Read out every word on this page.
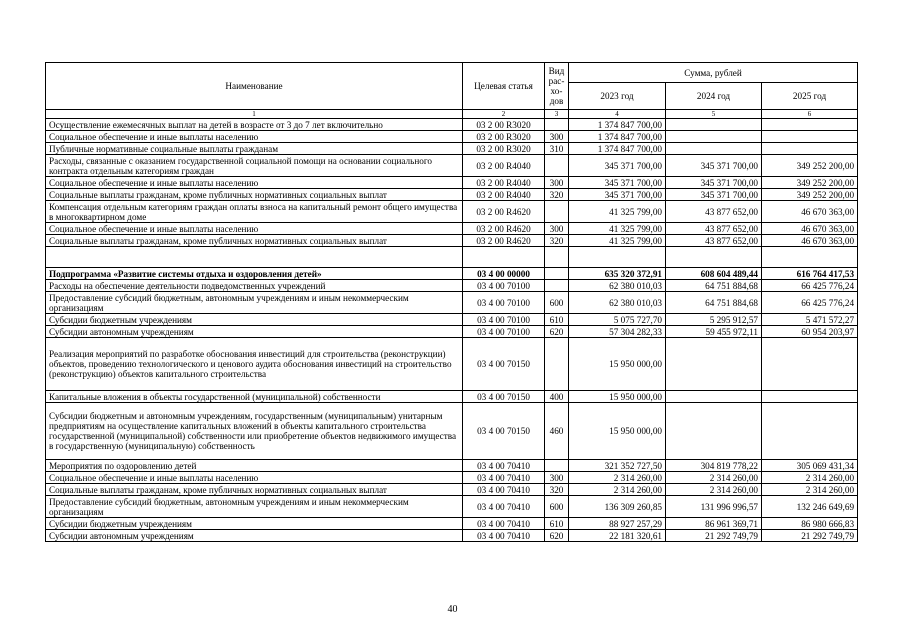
Наименование	Целевая статья	Вид рас-хо-дов	Сумма, рублей		
			2023 год	2024 год	2025 год
1	2	3	4	5	6
Осуществление ежемесячных выплат на детей в возрасте от 3 до 7 лет включительно	03 2 00 R3020		1 374 847 700,00		
Социальное обеспечение и иные выплаты населению	03 2 00 R3020	300	1 374 847 700,00		
Публичные нормативные социальные выплаты гражданам	03 2 00 R3020	310	1 374 847 700,00		
Расходы, связанные с оказанием государственной социальной помощи на основании социального контракта отдельным категориям граждан	03 2 00 R4040		345 371 700,00	345 371 700,00	349 252 200,00
Социальное обеспечение и иные выплаты населению	03 2 00 R4040	300	345 371 700,00	345 371 700,00	349 252 200,00
Социальные выплаты гражданам, кроме публичных нормативных социальных выплат	03 2 00 R4040	320	345 371 700,00	345 371 700,00	349 252 200,00
Компенсация отдельным категориям граждан оплаты взноса на капитальный ремонт общего имущества в многоквартирном доме	03 2 00 R4620		41 325 799,00	43 877 652,00	46 670 363,00
Социальное обеспечение и иные выплаты населению	03 2 00 R4620	300	41 325 799,00	43 877 652,00	46 670 363,00
Социальные выплаты гражданам, кроме публичных нормативных социальных выплат	03 2 00 R4620	320	41 325 799,00	43 877 652,00	46 670 363,00

Подпрограмма «Развитие системы отдыха и оздоровления детей»	03 4 00 00000		635 320 372,91	608 604 489,44	616 764 417,53
Расходы на обеспечение деятельности подведомственных учреждений	03 4 00 70100		62 380 010,03	64 751 884,68	66 425 776,24
Предоставление субсидий бюджетным, автономным учреждениям и иным некоммерческим организациям	03 4 00 70100	600	62 380 010,03	64 751 884,68	66 425 776,24
Субсидии бюджетным учреждениям	03 4 00 70100	610	5 075 727,70	5 295 912,57	5 471 572,27
Субсидии автономным учреждениям	03 4 00 70100	620	57 304 282,33	59 455 972,11	60 954 203,97
Реализация мероприятий по разработке обоснования инвестиций для строительства (реконструкции) объектов, проведению технологического и ценового аудита обоснования инвестиций на строительство (реконструкцию) объектов капитального строительства	03 4 00 70150		15 950 000,00		
Капитальные вложения в объекты государственной (муниципальной) собственности	03 4 00 70150	400	15 950 000,00		
Субсидии бюджетным и автономным учреждениям, государственным (муниципальным) унитарным предприятиям на осуществление капитальных вложений в объекты капитального строительства государственной (муниципальной) собственности или приобретение объектов недвижимого имущества в государственную (муниципальную) собственность	03 4 00 70150	460	15 950 000,00		
Мероприятия по оздоровлению детей	03 4 00 70410		321 352 727,50	304 819 778,22	305 069 431,34
Социальное обеспечение и иные выплаты населению	03 4 00 70410	300	2 314 260,00	2 314 260,00	2 314 260,00
Социальные выплаты гражданам, кроме публичных нормативных социальных выплат	03 4 00 70410	320	2 314 260,00	2 314 260,00	2 314 260,00
Предоставление субсидий бюджетным, автономным учреждениям и иным некоммерческим организациям	03 4 00 70410	600	136 309 260,85	131 996 996,57	132 246 649,69
Субсидии бюджетным учреждениям	03 4 00 70410	610	88 927 257,29	86 961 369,71	86 980 666,83
Субсидии автономным учреждениям	03 4 00 70410	620	22 181 320,61	21 292 749,79	21 292 749,79
40
